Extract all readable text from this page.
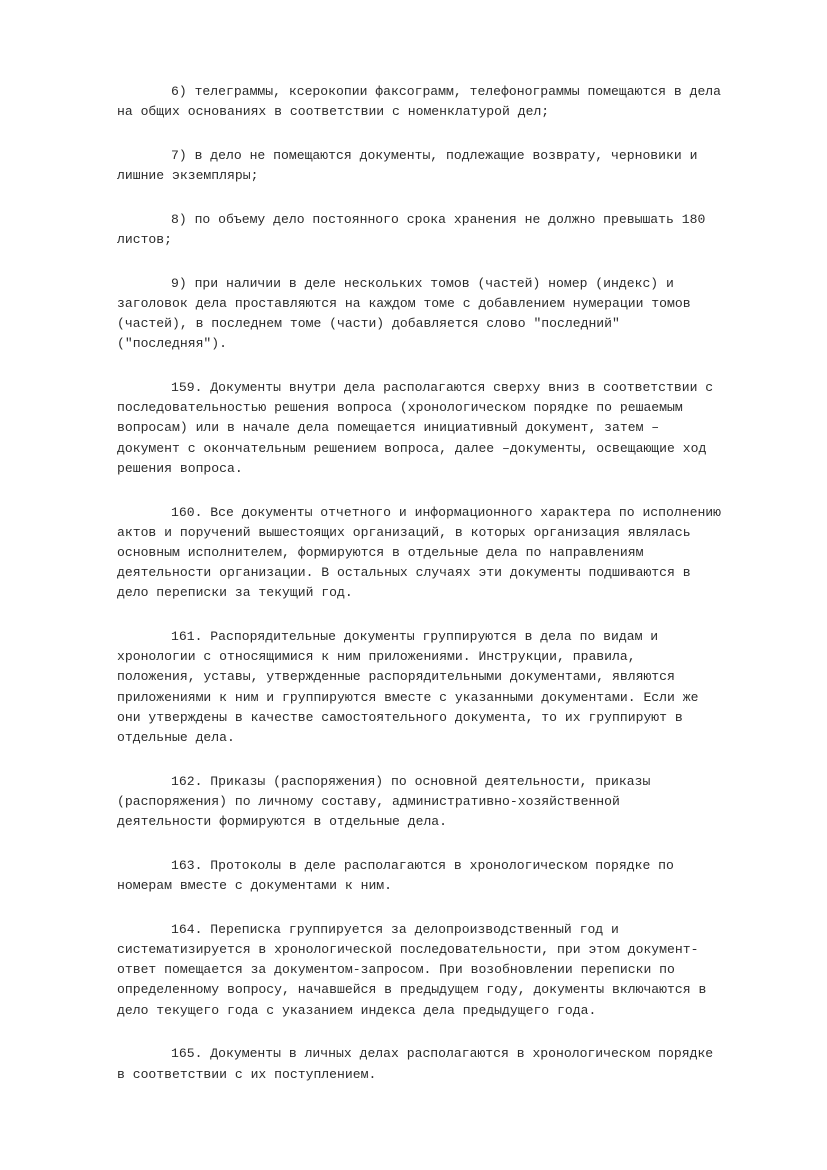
6) телеграммы, ксерокопии факсограмм, телефонограммы помещаются в дела
на общих основаниях в соответствии с номенклатурой дел;
7) в дело не помещаются документы, подлежащие возврату, черновики и
лишние экземпляры;
8) по объему дело постоянного срока хранения не должно превышать 180
листов;
9) при наличии в деле нескольких томов (частей) номер (индекс) и
заголовок дела проставляются на каждом томе с добавлением нумерации томов
(частей), в последнем томе (части) добавляется слово "последний"
("последняя").
159. Документы внутри дела располагаются сверху вниз в соответствии с
последовательностью решения вопроса (хронологическом порядке по решаемым
вопросам) или в начале дела помещается инициативный документ, затем –
документ с окончательным решением вопроса, далее –документы, освещающие ход
решения вопроса.
160. Все документы отчетного и информационного характера по исполнению
актов и поручений вышестоящих организаций, в которых организация являлась
основным исполнителем, формируются в отдельные дела по направлениям
деятельности организации. В остальных случаях эти документы подшиваются в
дело переписки за текущий год.
161. Распорядительные документы группируются в дела по видам и
хронологии с относящимися к ним приложениями. Инструкции, правила,
положения, уставы, утвержденные распорядительными документами, являются
приложениями к ним и группируются вместе с указанными документами. Если же
они утверждены в качестве самостоятельного документа, то их группируют в
отдельные дела.
162. Приказы (распоряжения) по основной деятельности, приказы
(распоряжения) по личному составу, административно-хозяйственной
деятельности формируются в отдельные дела.
163. Протоколы в деле располагаются в хронологическом порядке по
номерам вместе с документами к ним.
164. Переписка группируется за делопроизводственный год и
систематизируется в хронологической последовательности, при этом документ-
ответ помещается за документом-запросом. При возобновлении переписки по
определенному вопросу, начавшейся в предыдущем году, документы включаются в
дело текущего года с указанием индекса дела предыдущего года.
165. Документы в личных делах располагаются в хронологическом порядке
в соответствии с их поступлением.
